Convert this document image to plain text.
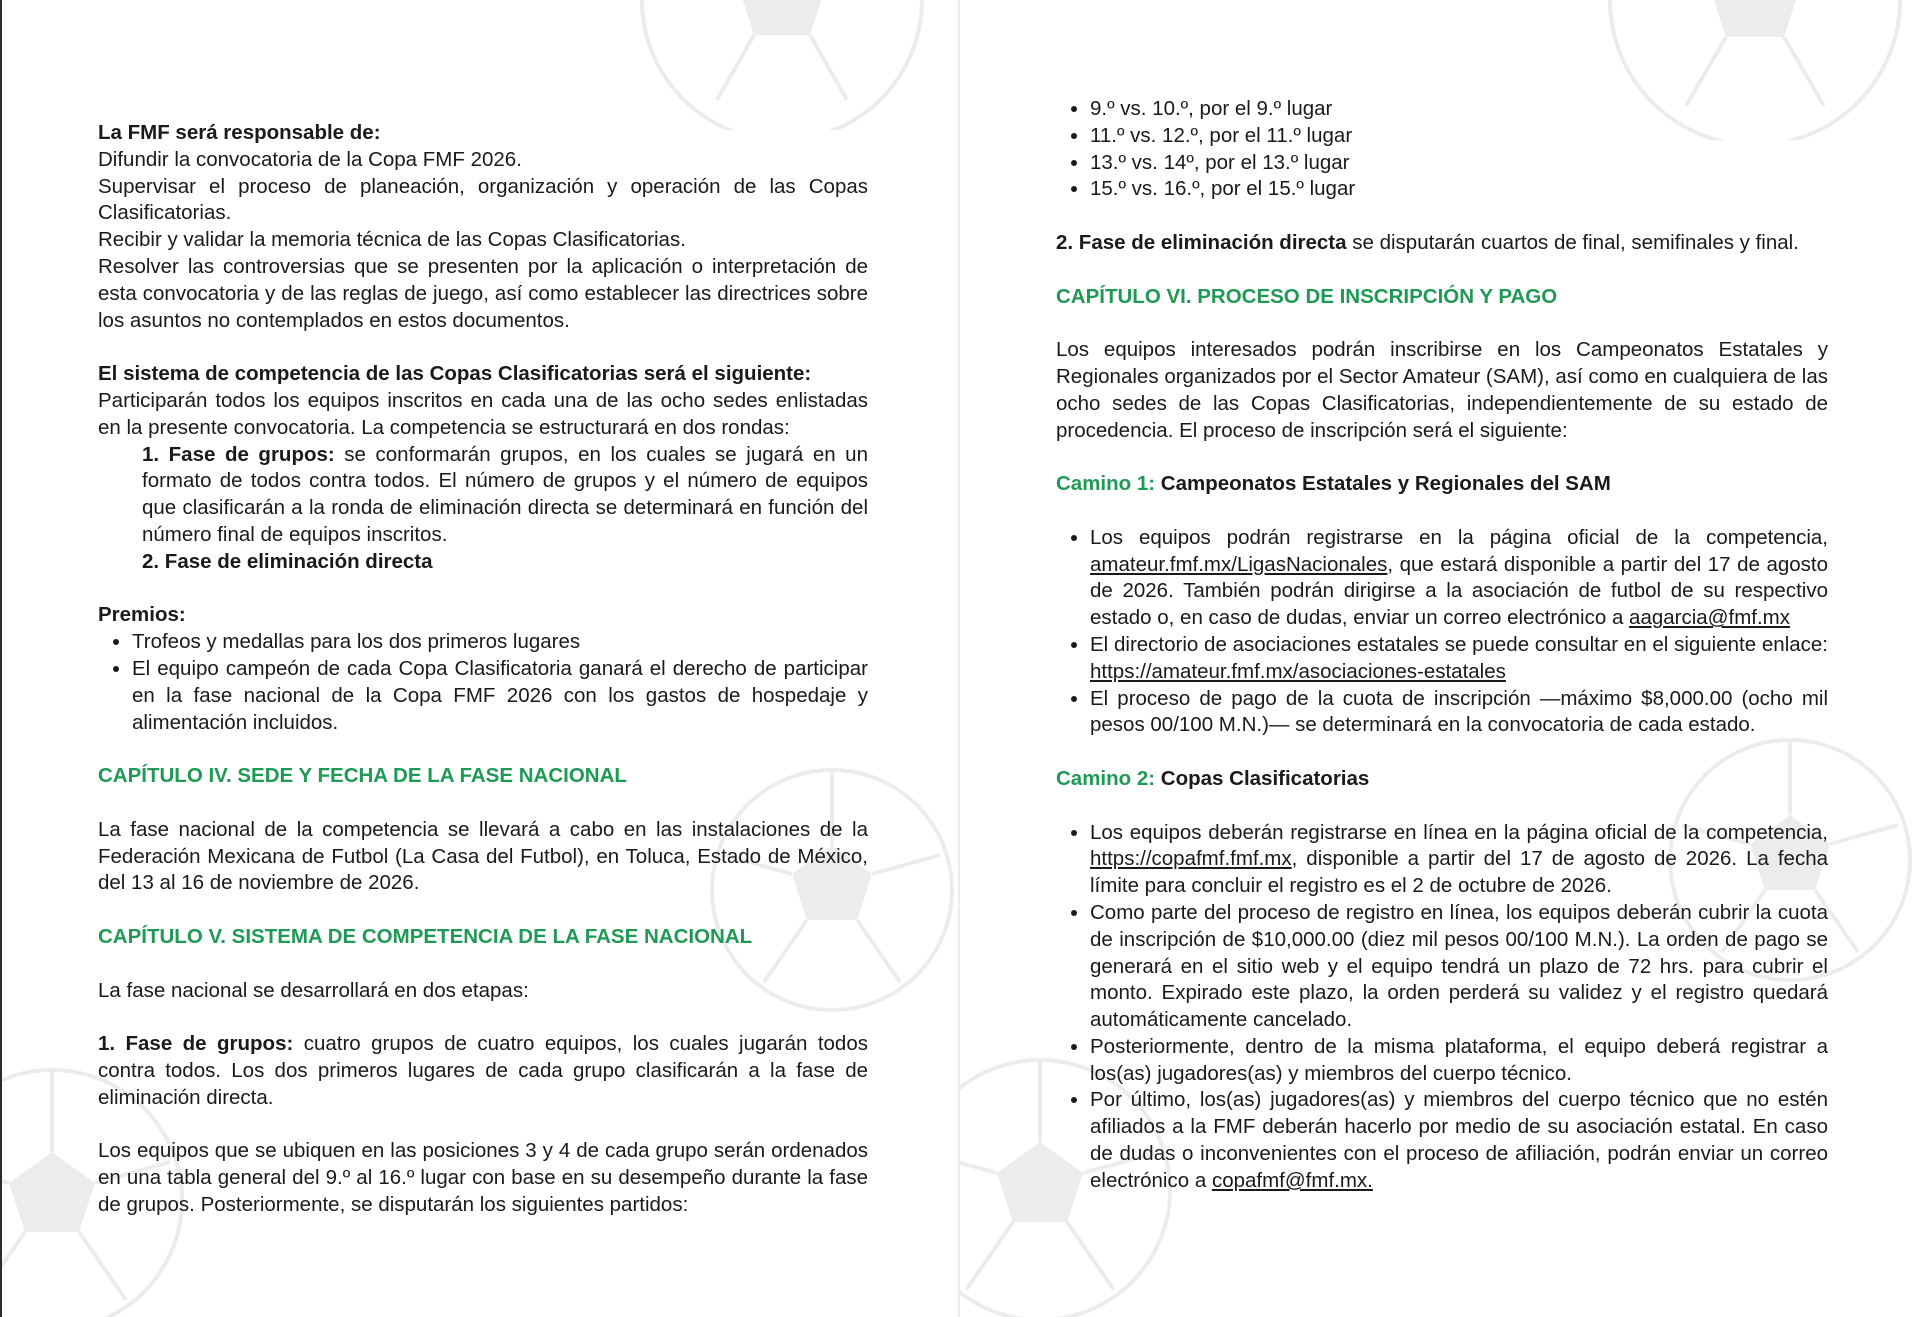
La FMF será responsable de:

Difundir la convocatoria de la Copa FMF 2026.

Supervisar el proceso de planeación, organización y operación de las Copas Clasificatorias.

Recibir y validar la memoria técnica de las Copas Clasificatorias.

Resolver las controversias que se presenten por la aplicación o interpretación de esta convocatoria y de las reglas de juego, así como establecer las directrices sobre los asuntos no contemplados en estos documentos.

El sistema de competencia de las Copas Clasificatorias será el siguiente:

Participarán todos los equipos inscritos en cada una de las ocho sedes enlistadas en la presente convocatoria. La competencia se estructurará en dos rondas:

1. Fase de grupos: se conformarán grupos, en los cuales se jugará en un formato de todos contra todos. El número de grupos y el número de equipos que clasificarán a la ronda de eliminación directa se determinará en función del número final de equipos inscritos.

2. Fase de eliminación directa

Premios:

• Trofeos y medallas para los dos primeros lugares
• El equipo campeón de cada Copa Clasificatoria ganará el derecho de participar en la fase nacional de la Copa FMF 2026 con los gastos de hospedaje y alimentación incluidos.

CAPÍTULO IV. SEDE Y FECHA DE LA FASE NACIONAL

La fase nacional de la competencia se llevará a cabo en las instalaciones de la Federación Mexicana de Futbol (La Casa del Futbol), en Toluca, Estado de México, del 13 al 16 de noviembre de 2026.

CAPÍTULO V. SISTEMA DE COMPETENCIA DE LA FASE NACIONAL

La fase nacional se desarrollará en dos etapas:

1. Fase de grupos: cuatro grupos de cuatro equipos, los cuales jugarán todos contra todos. Los dos primeros lugares de cada grupo clasificarán a la fase de eliminación directa.

Los equipos que se ubiquen en las posiciones 3 y 4 de cada grupo serán ordenados en una tabla general del 9.º al 16.º lugar con base en su desempeño durante la fase de grupos. Posteriormente, se disputarán los siguientes partidos:

• 9.º vs. 10.º, por el 9.º lugar
• 11.º vs. 12.º, por el 11.º lugar
• 13.º vs. 14º, por el 13.º lugar
• 15.º vs. 16.º, por el 15.º lugar

2. Fase de eliminación directa se disputarán cuartos de final, semifinales y final.

CAPÍTULO VI. PROCESO DE INSCRIPCIÓN Y PAGO

Los equipos interesados podrán inscribirse en los Campeonatos Estatales y Regionales organizados por el Sector Amateur (SAM), así como en cualquiera de las ocho sedes de las Copas Clasificatorias, independientemente de su estado de procedencia. El proceso de inscripción será el siguiente:

Camino 1: Campeonatos Estatales y Regionales del SAM

• Los equipos podrán registrarse en la página oficial de la competencia, amateur.fmf.mx/LigasNacionales, que estará disponible a partir del 17 de agosto de 2026. También podrán dirigirse a la asociación de futbol de su respectivo estado o, en caso de dudas, enviar un correo electrónico a aagarcia@fmf.mx
• El directorio de asociaciones estatales se puede consultar en el siguiente enlace: https://amateur.fmf.mx/asociaciones-estatales
• El proceso de pago de la cuota de inscripción —máximo $8,000.00 (ocho mil pesos 00/100 M.N.)— se determinará en la convocatoria de cada estado.

Camino 2: Copas Clasificatorias

• Los equipos deberán registrarse en línea en la página oficial de la competencia, https://copafmf.fmf.mx, disponible a partir del 17 de agosto de 2026. La fecha límite para concluir el registro es el 2 de octubre de 2026.
• Como parte del proceso de registro en línea, los equipos deberán cubrir la cuota de inscripción de $10,000.00 (diez mil pesos 00/100 M.N.). La orden de pago se generará en el sitio web y el equipo tendrá un plazo de 72 hrs. para cubrir el monto. Expirado este plazo, la orden perderá su validez y el registro quedará automáticamente cancelado.
• Posteriormente, dentro de la misma plataforma, el equipo deberá registrar a los(as) jugadores(as) y miembros del cuerpo técnico.
• Por último, los(as) jugadores(as) y miembros del cuerpo técnico que no estén afiliados a la FMF deberán hacerlo por medio de su asociación estatal. En caso de dudas o inconvenientes con el proceso de afiliación, podrán enviar un correo electrónico a copafmf@fmf.mx.
